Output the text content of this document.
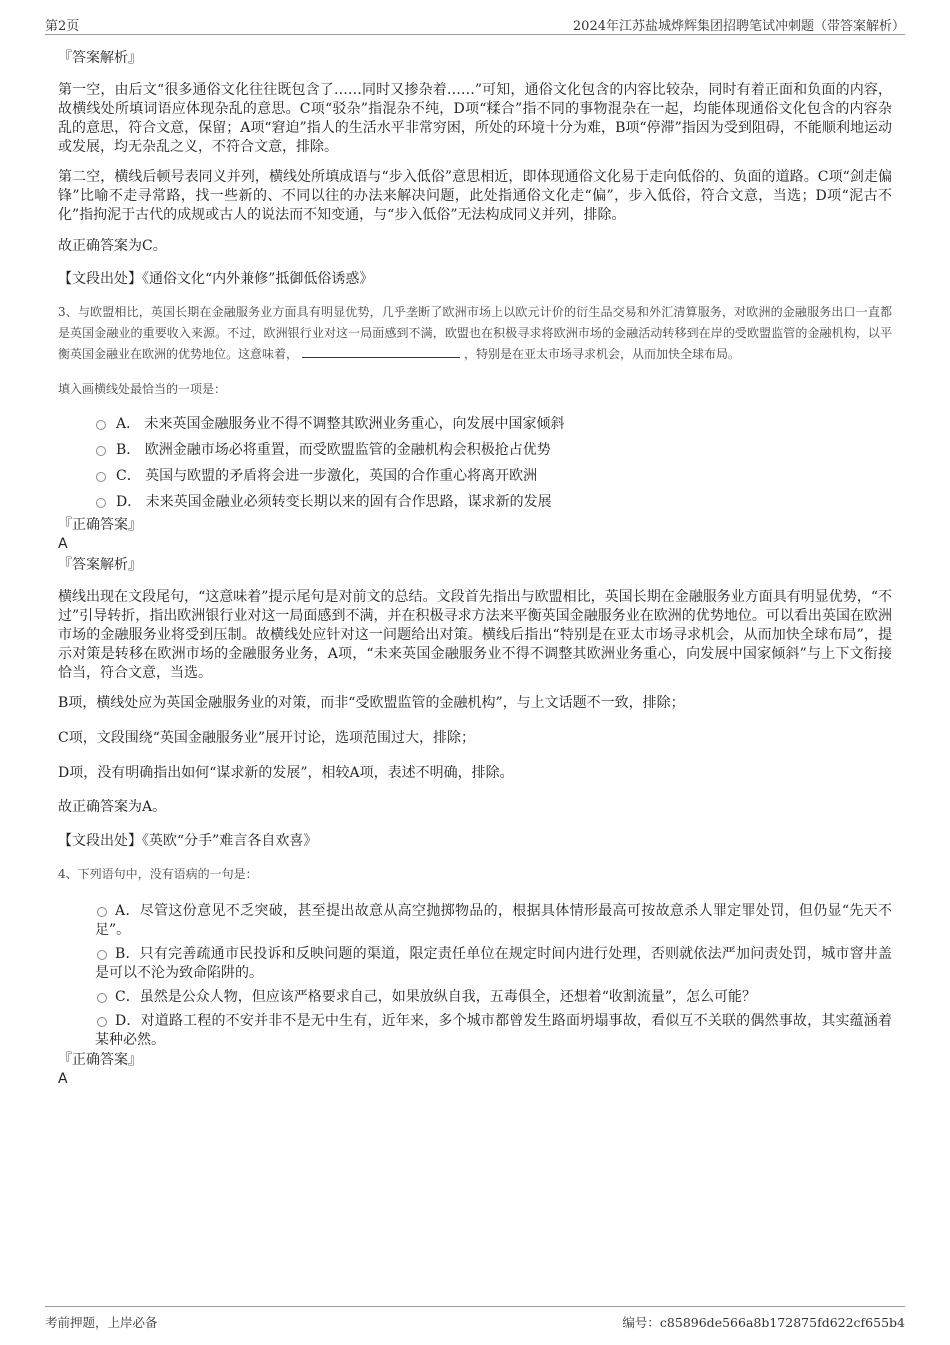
第2页	2024年江苏盐城烨辉集团招聘笔试冲刺题（带答案解析）

『答案解析』

第一空，由后文“很多通俗文化往往既包含了……同时又掺杂着……”可知，通俗文化包含的内容比较杂，同时有着正面和负面的内容，故横线处所填词语应体现杂乱的意思。C项“驳杂”指混杂不纯，D项“糅合”指不同的事物混杂在一起，均能体现通俗文化包含的内容杂乱的意思，符合文意，保留；A项“窘迫”指人的生活水平非常穷困，所处的环境十分为难，B项“停滞”指因为受到阻碍，不能顺利地运动或发展，均无杂乱之义，不符合文意，排除。

第二空，横线后顿号表同义并列，横线处所填成语与“步入低俗”意思相近，即体现通俗文化易于走向低俗的、负面的道路。C项“剑走偏锋”比喻不走寻常路，找一些新的、不同以往的办法来解决问题，此处指通俗文化走“偏”，步入低俗，符合文意，当选；D项“泥古不化”指拘泥于古代的成规或古人的说法而不知变通，与“步入低俗”无法构成同义并列，排除。

故正确答案为C。

【文段出处】《通俗文化“内外兼修”抵御低俗诱惑》

3、与欧盟相比，英国长期在金融服务业方面具有明显优势，几乎垄断了欧洲市场上以欧元计价的衍生品交易和外汇清算服务，对欧洲的金融服务出口一直都是英国金融业的重要收入来源。不过，欧洲银行业对这一局面感到不满，欧盟也在积极寻求将欧洲市场的金融活动转移到在岸的受欧盟监管的金融机构，以平衡英国金融业在欧洲的优势地位。这意味着，	，特别是在亚太市场寻求机会，从而加快全球布局。

填入画横线处最恰当的一项是：

A． 未来英国金融服务业不得不调整其欧洲业务重心，向发展中国家倾斜

B． 欧洲金融市场必将重置，而受欧盟监管的金融机构会积极抢占优势

C． 英国与欧盟的矛盾将会进一步激化，英国的合作重心将离开欧洲

D． 未来英国金融业必须转变长期以来的固有合作思路，谋求新的发展

『正确答案』

A

『答案解析』

横线出现在文段尾句，“这意味着”提示尾句是对前文的总结。文段首先指出与欧盟相比，英国长期在金融服务业方面具有明显优势，“不过”引导转折，指出欧洲银行业对这一局面感到不满，并在积极寻求方法来平衡英国金融服务业在欧洲的优势地位。可以看出英国在欧洲市场的金融服务业将受到压制。故横线处应针对这一问题给出对策。横线后指出“特别是在亚太市场寻求机会，从而加快全球布局”，提示对策是转移在欧洲市场的金融服务业务，A项，“未来英国金融服务业不得不调整其欧洲业务重心，向发展中国家倾斜”与上下文衔接恰当，符合文意，当选。

B项，横线处应为英国金融服务业的对策，而非“受欧盟监管的金融机构”，与上文话题不一致，排除；

C项，文段围绕“英国金融服务业”展开讨论，选项范围过大，排除；

D项，没有明确指出如何“谋求新的发展”，相较A项，表述不明确，排除。

故正确答案为A。

【文段出处】《英欧“分手”难言各自欢喜》

4、下列语句中，没有语病的一句是：

A．尽管这份意见不乏突破，甚至提出故意从高空抛掷物品的，根据具体情形最高可按故意杀人罪定罪处罚，但仍显“先天不足”。

B．只有完善疏通市民投诉和反映问题的渠道，限定责任单位在规定时间内进行处理，否则就依法严加问责处罚，城市窨井盖是可以不沦为致命陷阱的。

C．虽然是公众人物，但应该严格要求自己，如果放纵自我，五毒俱全，还想着“收割流量”，怎么可能？

D．对道路工程的不安并非不是无中生有，近年来，多个城市都曾发生路面坍塌事故，看似互不关联的偶然事故，其实蕴涵着某种必然。

『正确答案』

A

考前押题，上岸必备	编号：c85896de566a8b172875fd622cf655b4
